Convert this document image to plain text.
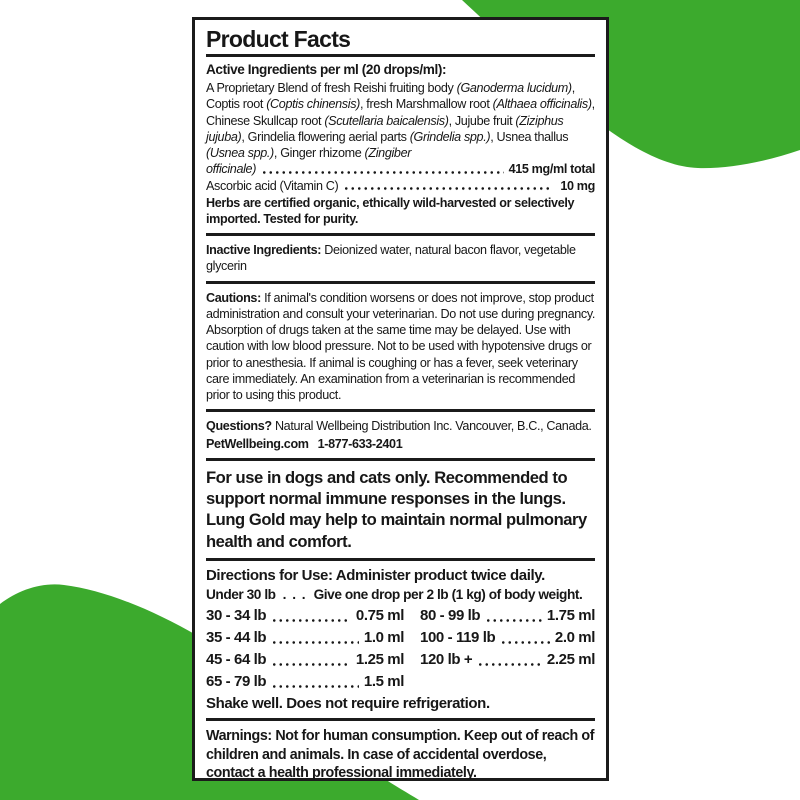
Product Facts

Active Ingredients per ml (20 drops/ml):

A Proprietary Blend of fresh Reishi fruiting body (Ganoderma lucidum), Coptis root (Coptis chinensis), fresh Marshmallow root (Althaea officinalis), Chinese Skullcap root (Scutellaria baicalensis), Jujube fruit (Ziziphus jujuba), Grindelia flowering aerial parts (Grindelia spp.), Usnea thallus (Usnea spp.), Ginger rhizome (Zingiber

officinale)	415 mg/ml total
Ascorbic acid (Vitamin C)	10 mg

Herbs are certified organic, ethically wild-harvested or selectively imported. Tested for purity.

Inactive Ingredients: Deionized water, natural bacon flavor, vegetable glycerin

Cautions: If animal's condition worsens or does not improve, stop product administration and consult your veterinarian. Do not use during pregnancy. Absorption of drugs taken at the same time may be delayed. Use with caution with low blood pressure. Not to be used with hypotensive drugs or prior to anesthesia. If animal is coughing or has a fever, seek veterinary care immediately. An examination from a veterinarian is recommended prior to using this product.

Questions? Natural Wellbeing Distribution Inc. Vancouver, B.C., Canada.

PetWellbeing.com 1-877-633-2401

For use in dogs and cats only. Recommended to support normal immune responses in the lungs. Lung Gold may help to maintain normal pulmonary health and comfort.

Directions for Use: Administer product twice daily.

Under 30 lb . . . Give one drop per 2 lb (1 kg) of body weight.
30 - 34 lb	0.75 ml
35 - 44 lb	1.0 ml
45 - 64 lb	1.25 ml
65 - 79 lb	1.5 ml
80 - 99 lb	1.75 ml
100 - 119 lb	2.0 ml
120 lb +	2.25 ml

Shake well. Does not require refrigeration.

Warnings: Not for human consumption. Keep out of reach of children and animals. In case of accidental overdose, contact a health professional immediately.
